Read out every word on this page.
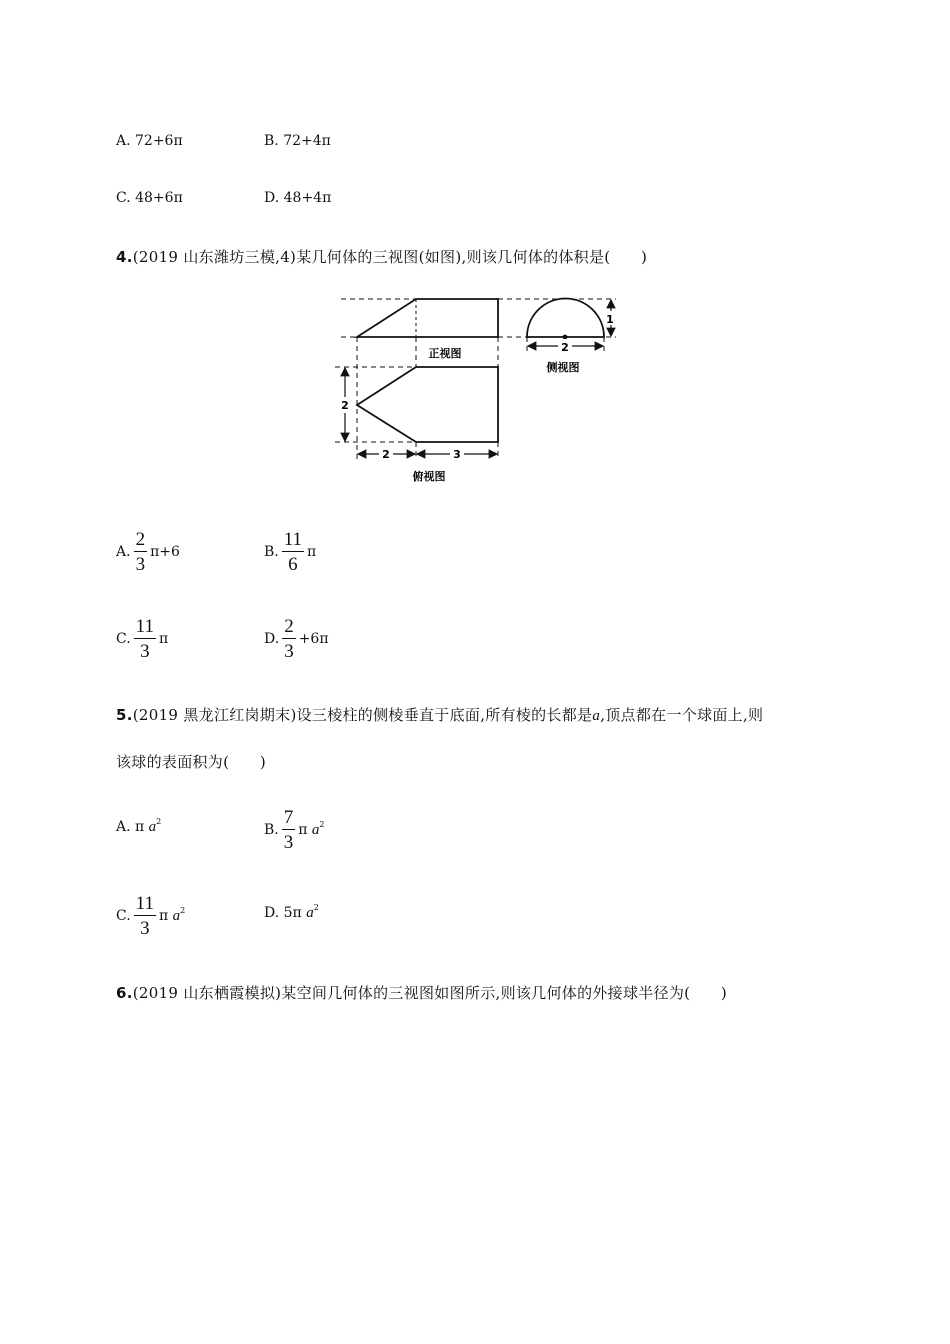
A. 72+6π	B. 72+4π
C. 48+6π	D. 48+4π
4.(2019 山东潍坊三模,4)某几何体的三视图(如图),则该几何体的体积是(　　)
1
2
2
2	3
正视图
侧视图
俯视图
A. $\frac{2}{3} \pi+6$	B. $\frac{11}{6}$ π
C. $\frac{11}{3}$ π	D. $\frac{2}{3} +6\pi$
5.(2019 黑龙江红岗期末)设三棱柱的侧棱垂直于底面,所有棱的长都是a,顶点都在一个球面上,则
该球的表面积为(　　)
A. π $a^2$
B. $\frac{7}{3}$ π $a^2$
C. $\frac{11}{3}$ π $a^2$	D. 5π $a^2$
6.(2019 山东栖霞模拟)某空间几何体的三视图如图所示,则该几何体的外接球半径为(　　)
